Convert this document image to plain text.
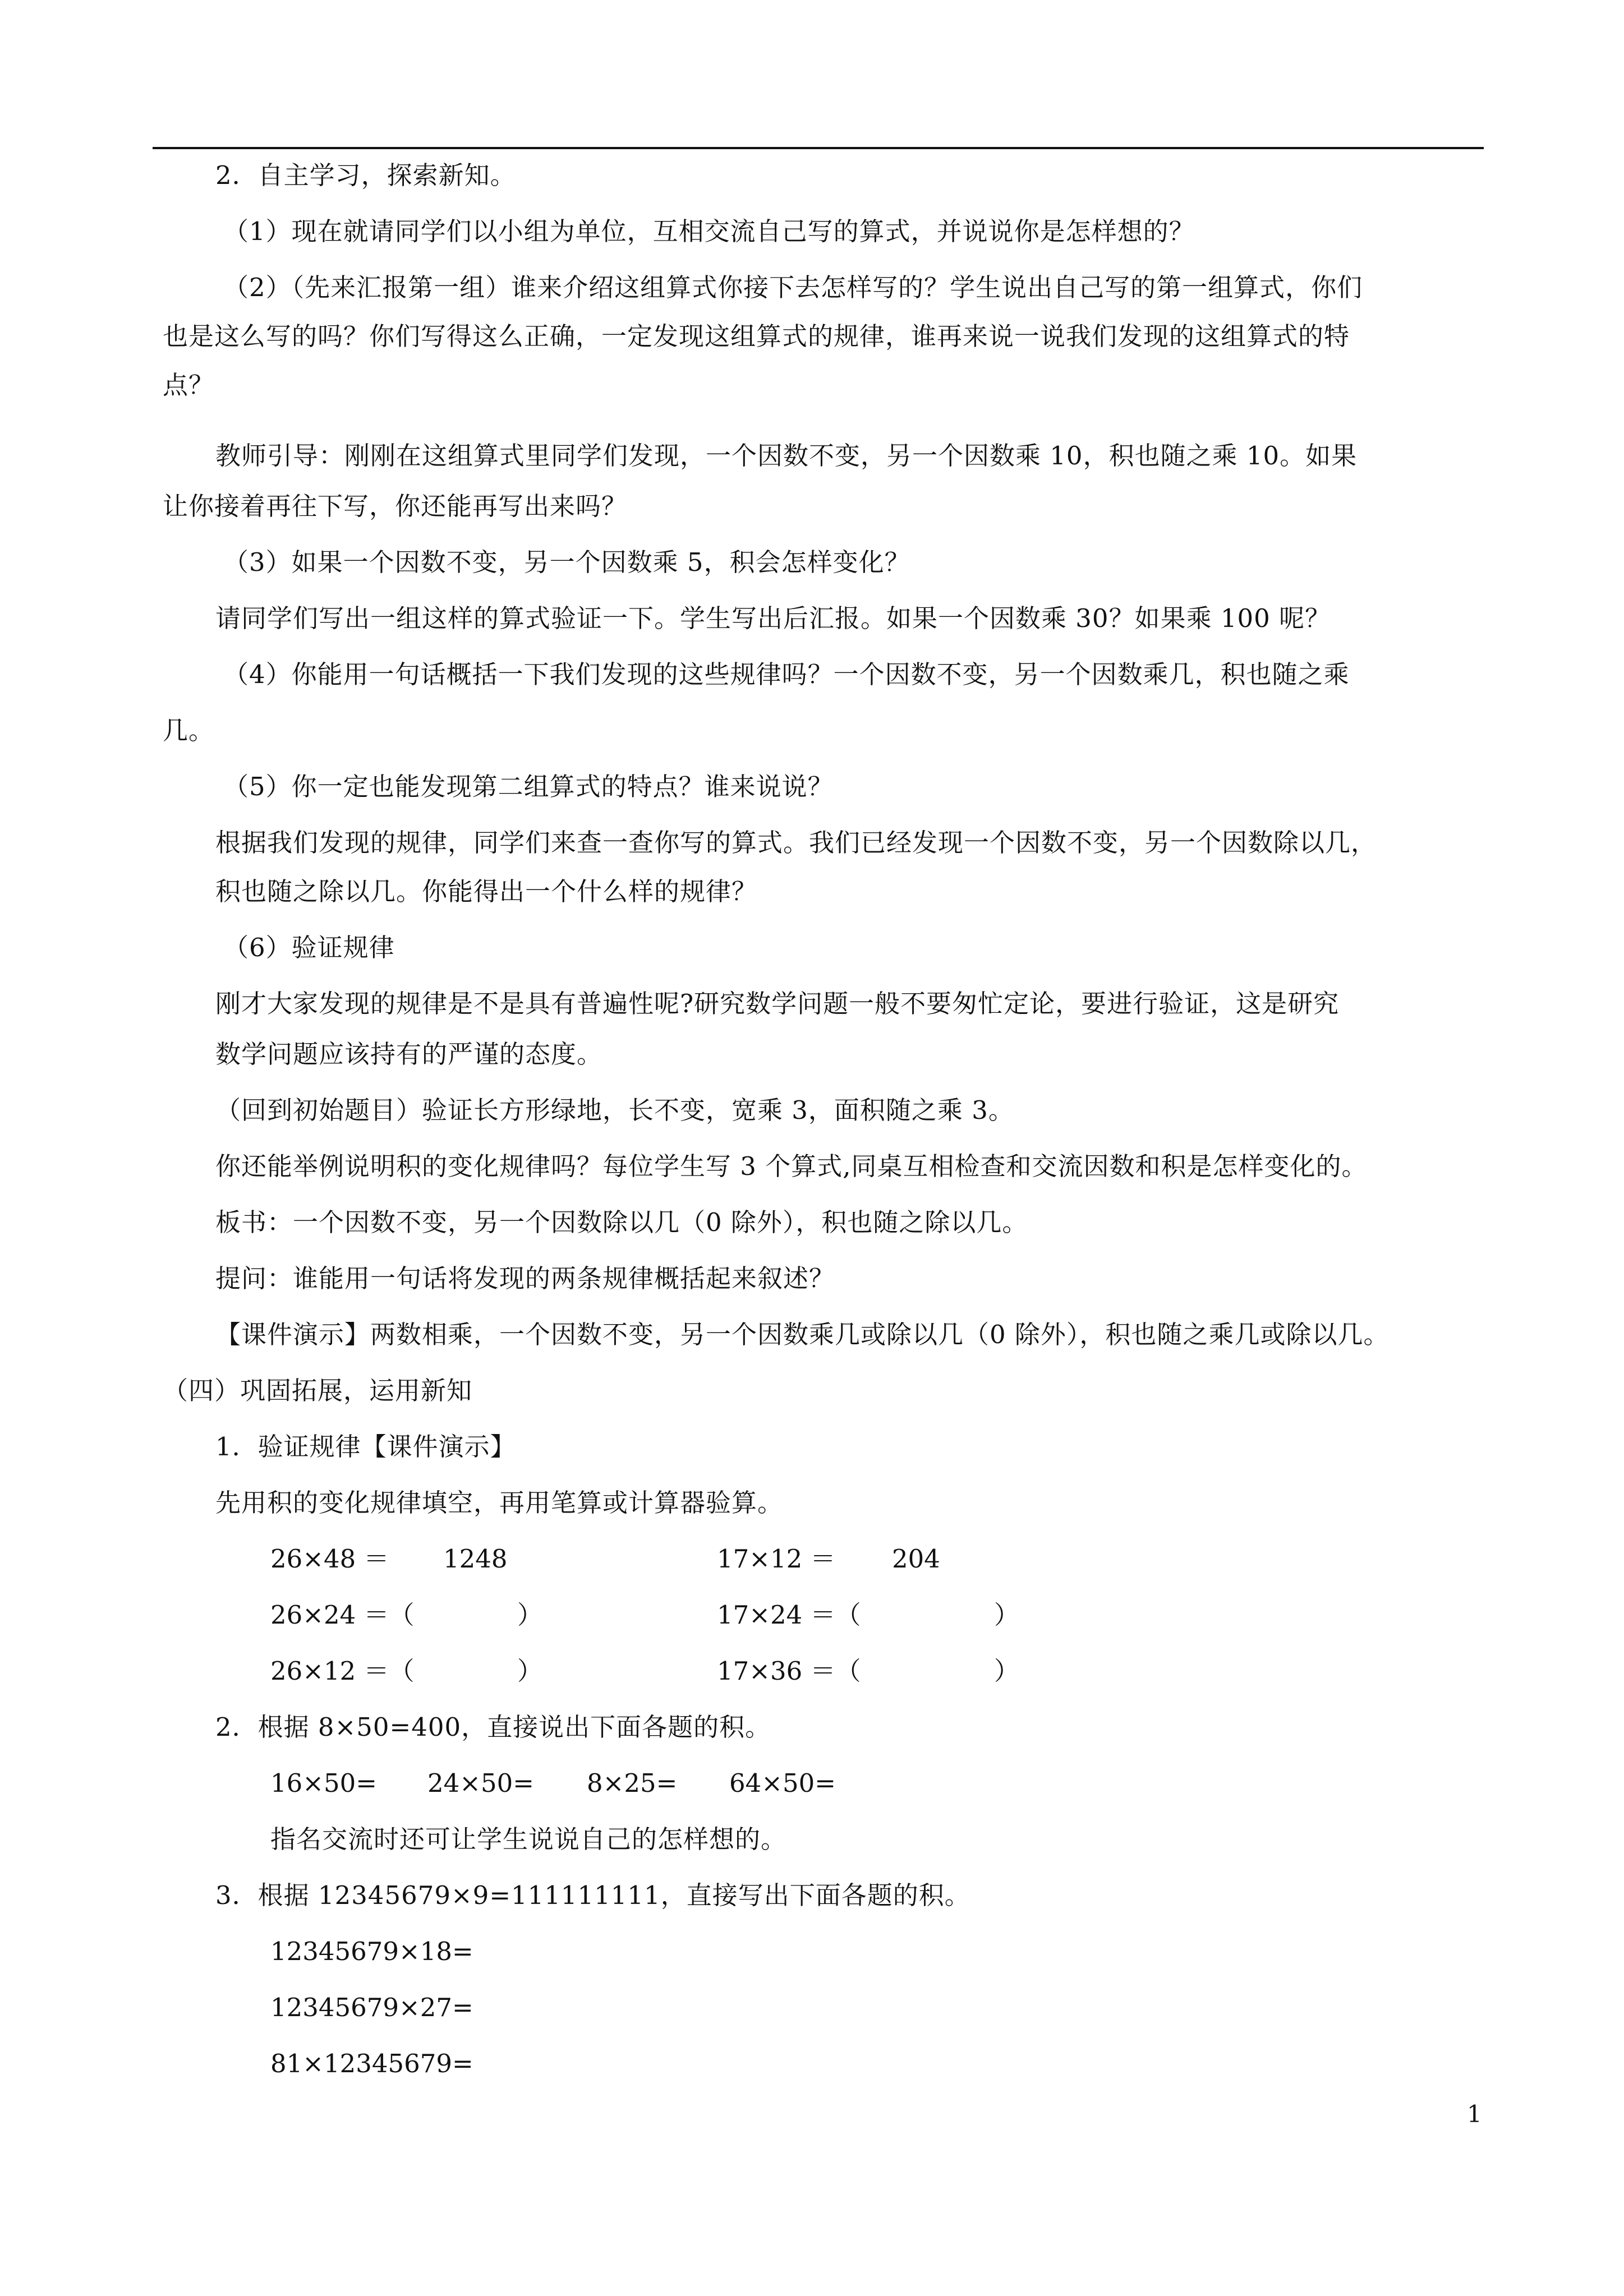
2．自主学习，探索新知。
（1）现在就请同学们以小组为单位，互相交流自己写的算式，并说说你是怎样想的？
（2）（先来汇报第一组）谁来介绍这组算式你接下去怎样写的？学生说出自己写的第一组算式，你们
也是这么写的吗？你们写得这么正确，一定发现这组算式的规律，谁再来说一说我们发现的这组算式的特
点？
教师引导：刚刚在这组算式里同学们发现，一个因数不变，另一个因数乘 10，积也随之乘 10。如果
让你接着再往下写，你还能再写出来吗？
（3）如果一个因数不变，另一个因数乘 5，积会怎样变化？
请同学们写出一组这样的算式验证一下。学生写出后汇报。如果一个因数乘 30？如果乘 100 呢？
（4）你能用一句话概括一下我们发现的这些规律吗？一个因数不变，另一个因数乘几，积也随之乘
几。
（5）你一定也能发现第二组算式的特点？谁来说说？
根据我们发现的规律，同学们来查一查你写的算式。我们已经发现一个因数不变，另一个因数除以几，
积也随之除以几。你能得出一个什么样的规律？
（6）验证规律
刚才大家发现的规律是不是具有普遍性呢?研究数学问题一般不要匆忙定论，要进行验证，这是研究
数学问题应该持有的严谨的态度。
（回到初始题目）验证长方形绿地，长不变，宽乘 3，面积随之乘 3。
你还能举例说明积的变化规律吗？每位学生写 3 个算式,同桌互相检查和交流因数和积是怎样变化的。
板书：一个因数不变，另一个因数除以几（0 除外），积也随之除以几。
提问：谁能用一句话将发现的两条规律概括起来叙述？
【课件演示】两数相乘，一个因数不变，另一个因数乘几或除以几（0 除外），积也随之乘几或除以几。
（四）巩固拓展，运用新知
1．验证规律【课件演示】
先用积的变化规律填空，再用笔算或计算器验算。
26×48 ＝ 1248	17×12 ＝ 204
26×24 ＝（	）	17×24 ＝（	）
26×12 ＝（	）	17×36 ＝（	）
2．根据 8×50=400，直接说出下面各题的积。
16×50= 24×50= 8×25= 64×50=
指名交流时还可让学生说说自己的怎样想的。
3．根据 12345679×9=111111111，直接写出下面各题的积。
12345679×18=
12345679×27=
81×12345679=
1
